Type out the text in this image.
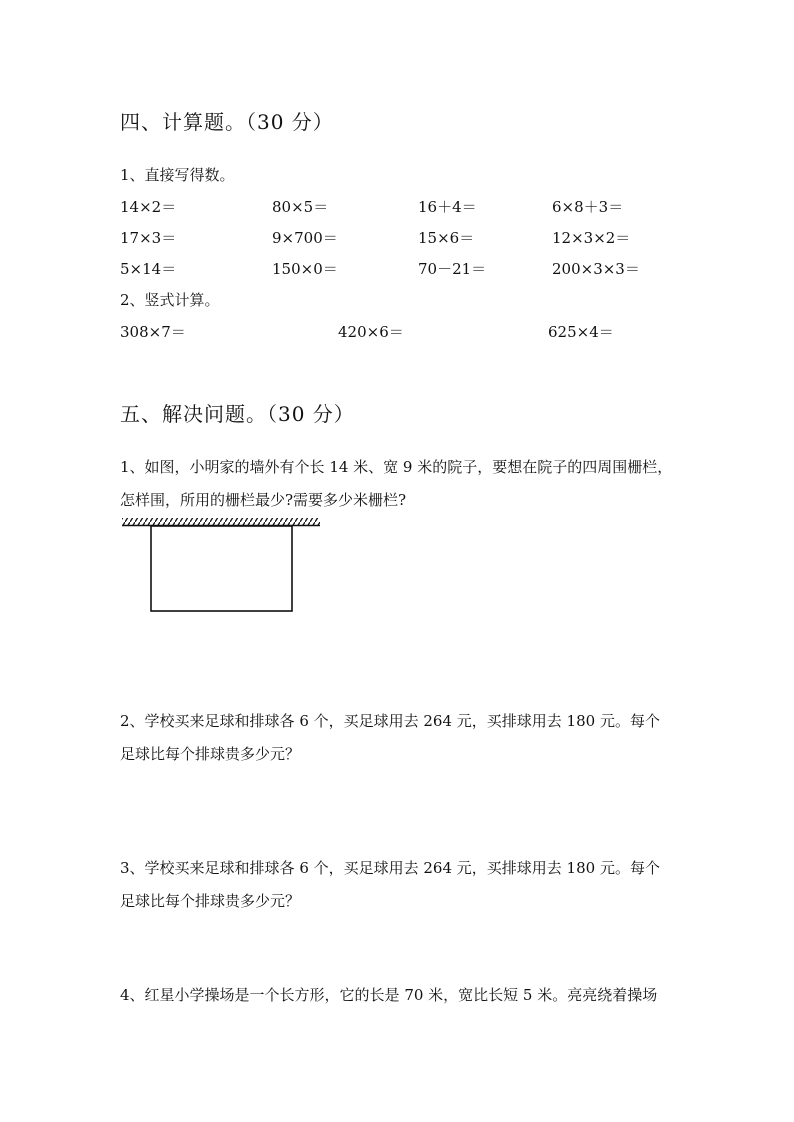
四、计算题。（30 分）
1、直接写得数。
14×2＝	80×5＝	16＋4＝	6×8＋3＝
17×3＝	9×700＝	15×6＝	12×3×2＝
5×14＝	150×0＝	70－21＝	200×3×3＝
2、竖式计算。
308×7＝	420×6＝	625×4＝
五、解决问题。（30 分）
1、如图，小明家的墙外有个长 14 米、宽 9 米的院子，要想在院子的四周围栅栏，
怎样围，所用的栅栏最少?需要多少米栅栏?
2、学校买来足球和排球各 6 个，买足球用去 264 元，买排球用去 180 元。每个
足球比每个排球贵多少元？
3、学校买来足球和排球各 6 个，买足球用去 264 元，买排球用去 180 元。每个
足球比每个排球贵多少元？
4、红星小学操场是一个长方形，它的长是 70 米，宽比长短 5 米。亮亮绕着操场
